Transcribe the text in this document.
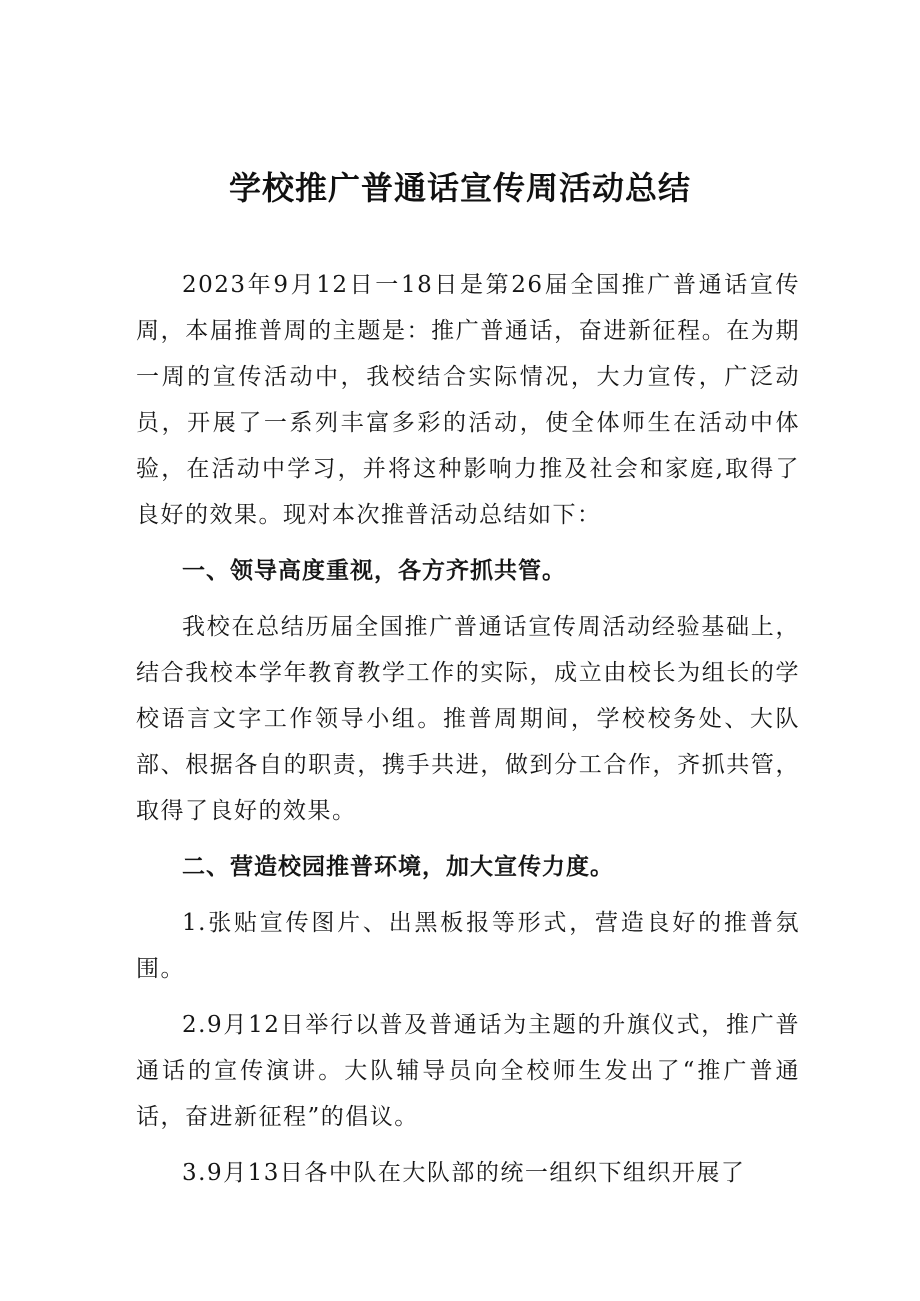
学校推广普通话宣传周活动总结

2023年9月12日一18日是第26届全国推广普通话宣传周，本届推普周的主题是：推广普通话，奋进新征程。在为期一周的宣传活动中，我校结合实际情况，大力宣传，广泛动员，开展了一系列丰富多彩的活动，使全体师生在活动中体验，在活动中学习，并将这种影响力推及社会和家庭,取得了良好的效果。现对本次推普活动总结如下：

一、领导高度重视，各方齐抓共管。

我校在总结历届全国推广普通话宣传周活动经验基础上，结合我校本学年教育教学工作的实际，成立由校长为组长的学校语言文字工作领导小组。推普周期间，学校校务处、大队部、根据各自的职责，携手共进，做到分工合作，齐抓共管，取得了良好的效果。

二、营造校园推普环境，加大宣传力度。

1.张贴宣传图片、出黑板报等形式，营造良好的推普氛围。

2.9月12日举行以普及普通话为主题的升旗仪式，推广普通话的宣传演讲。大队辅导员向全校师生发出了“推广普通话，奋进新征程”的倡议。

3.9月13日各中队在大队部的统一组织下组织开展了
